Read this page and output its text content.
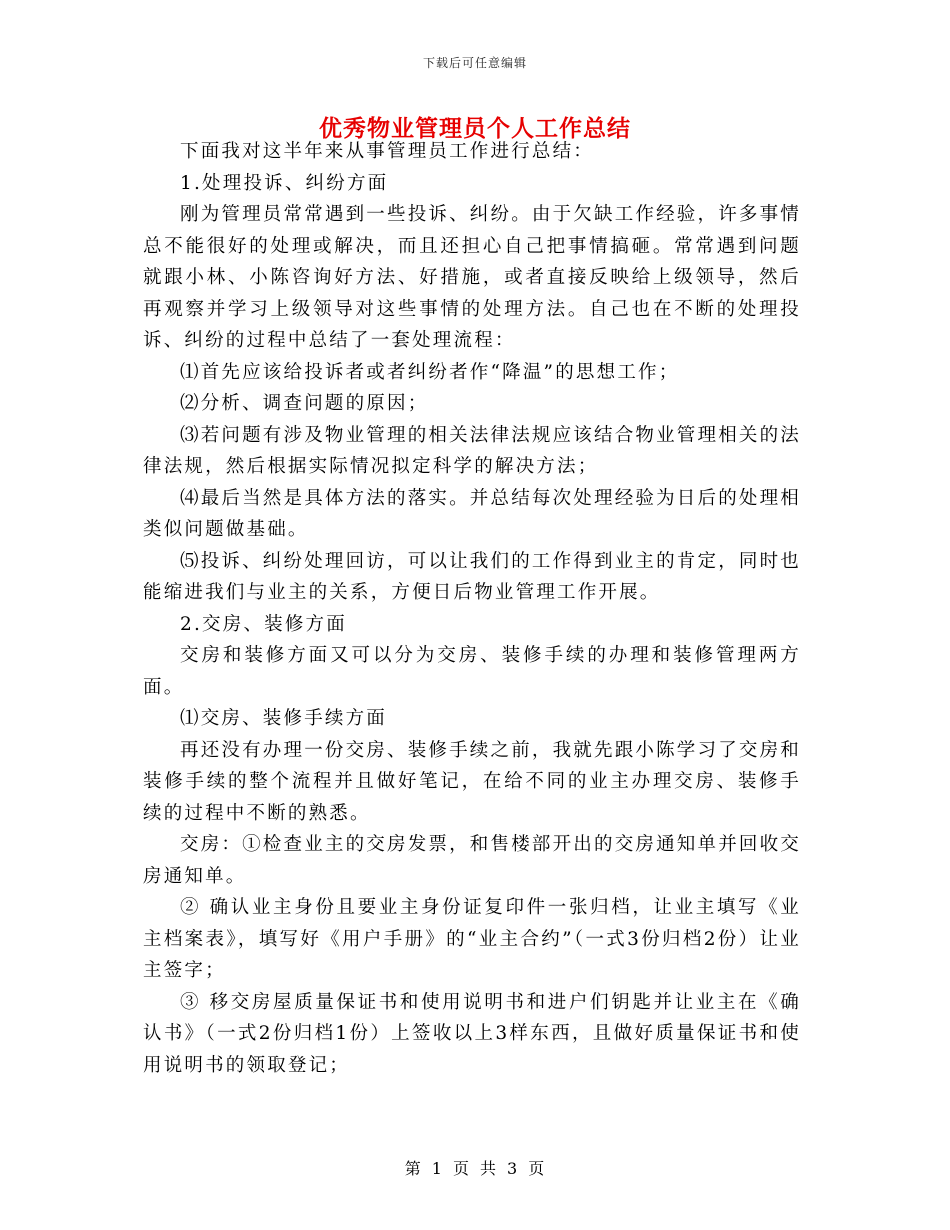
下载后可任意编辑
优秀物业管理员个人工作总结

下面我对这半年来从事管理员工作进行总结：

1.处理投诉、纠纷方面

刚为管理员常常遇到一些投诉、纠纷。由于欠缺工作经验，许多事情总不能很好的处理或解决，而且还担心自己把事情搞砸。常常遇到问题就跟小林、小陈咨询好方法、好措施，或者直接反映给上级领导，然后再观察并学习上级领导对这些事情的处理方法。自己也在不断的处理投诉、纠纷的过程中总结了一套处理流程：

⑴首先应该给投诉者或者纠纷者作“降温”的思想工作；

⑵分析、调查问题的原因；

⑶若问题有涉及物业管理的相关法律法规应该结合物业管理相关的法律法规，然后根据实际情况拟定科学的解决方法；

⑷最后当然是具体方法的落实。并总结每次处理经验为日后的处理相类似问题做基础。

⑸投诉、纠纷处理回访，可以让我们的工作得到业主的肯定，同时也能缩进我们与业主的关系，方便日后物业管理工作开展。

2.交房、装修方面

交房和装修方面又可以分为交房、装修手续的办理和装修管理两方面。

⑴交房、装修手续方面

再还没有办理一份交房、装修手续之前，我就先跟小陈学习了交房和装修手续的整个流程并且做好笔记，在给不同的业主办理交房、装修手续的过程中不断的熟悉。

交房：①检查业主的交房发票，和售楼部开出的交房通知单并回收交房通知单。

② 确认业主身份且要业主身份证复印件一张归档，让业主填写《业主档案表》，填写好《用户手册》的“业主合约”（一式3份归档2份）让业主签字；

③ 移交房屋质量保证书和使用说明书和进户们钥匙并让业主在《确认书》（一式2份归档1份）上签收以上3样东西，且做好质量保证书和使用说明书的领取登记；

第 1 页 共 3 页
